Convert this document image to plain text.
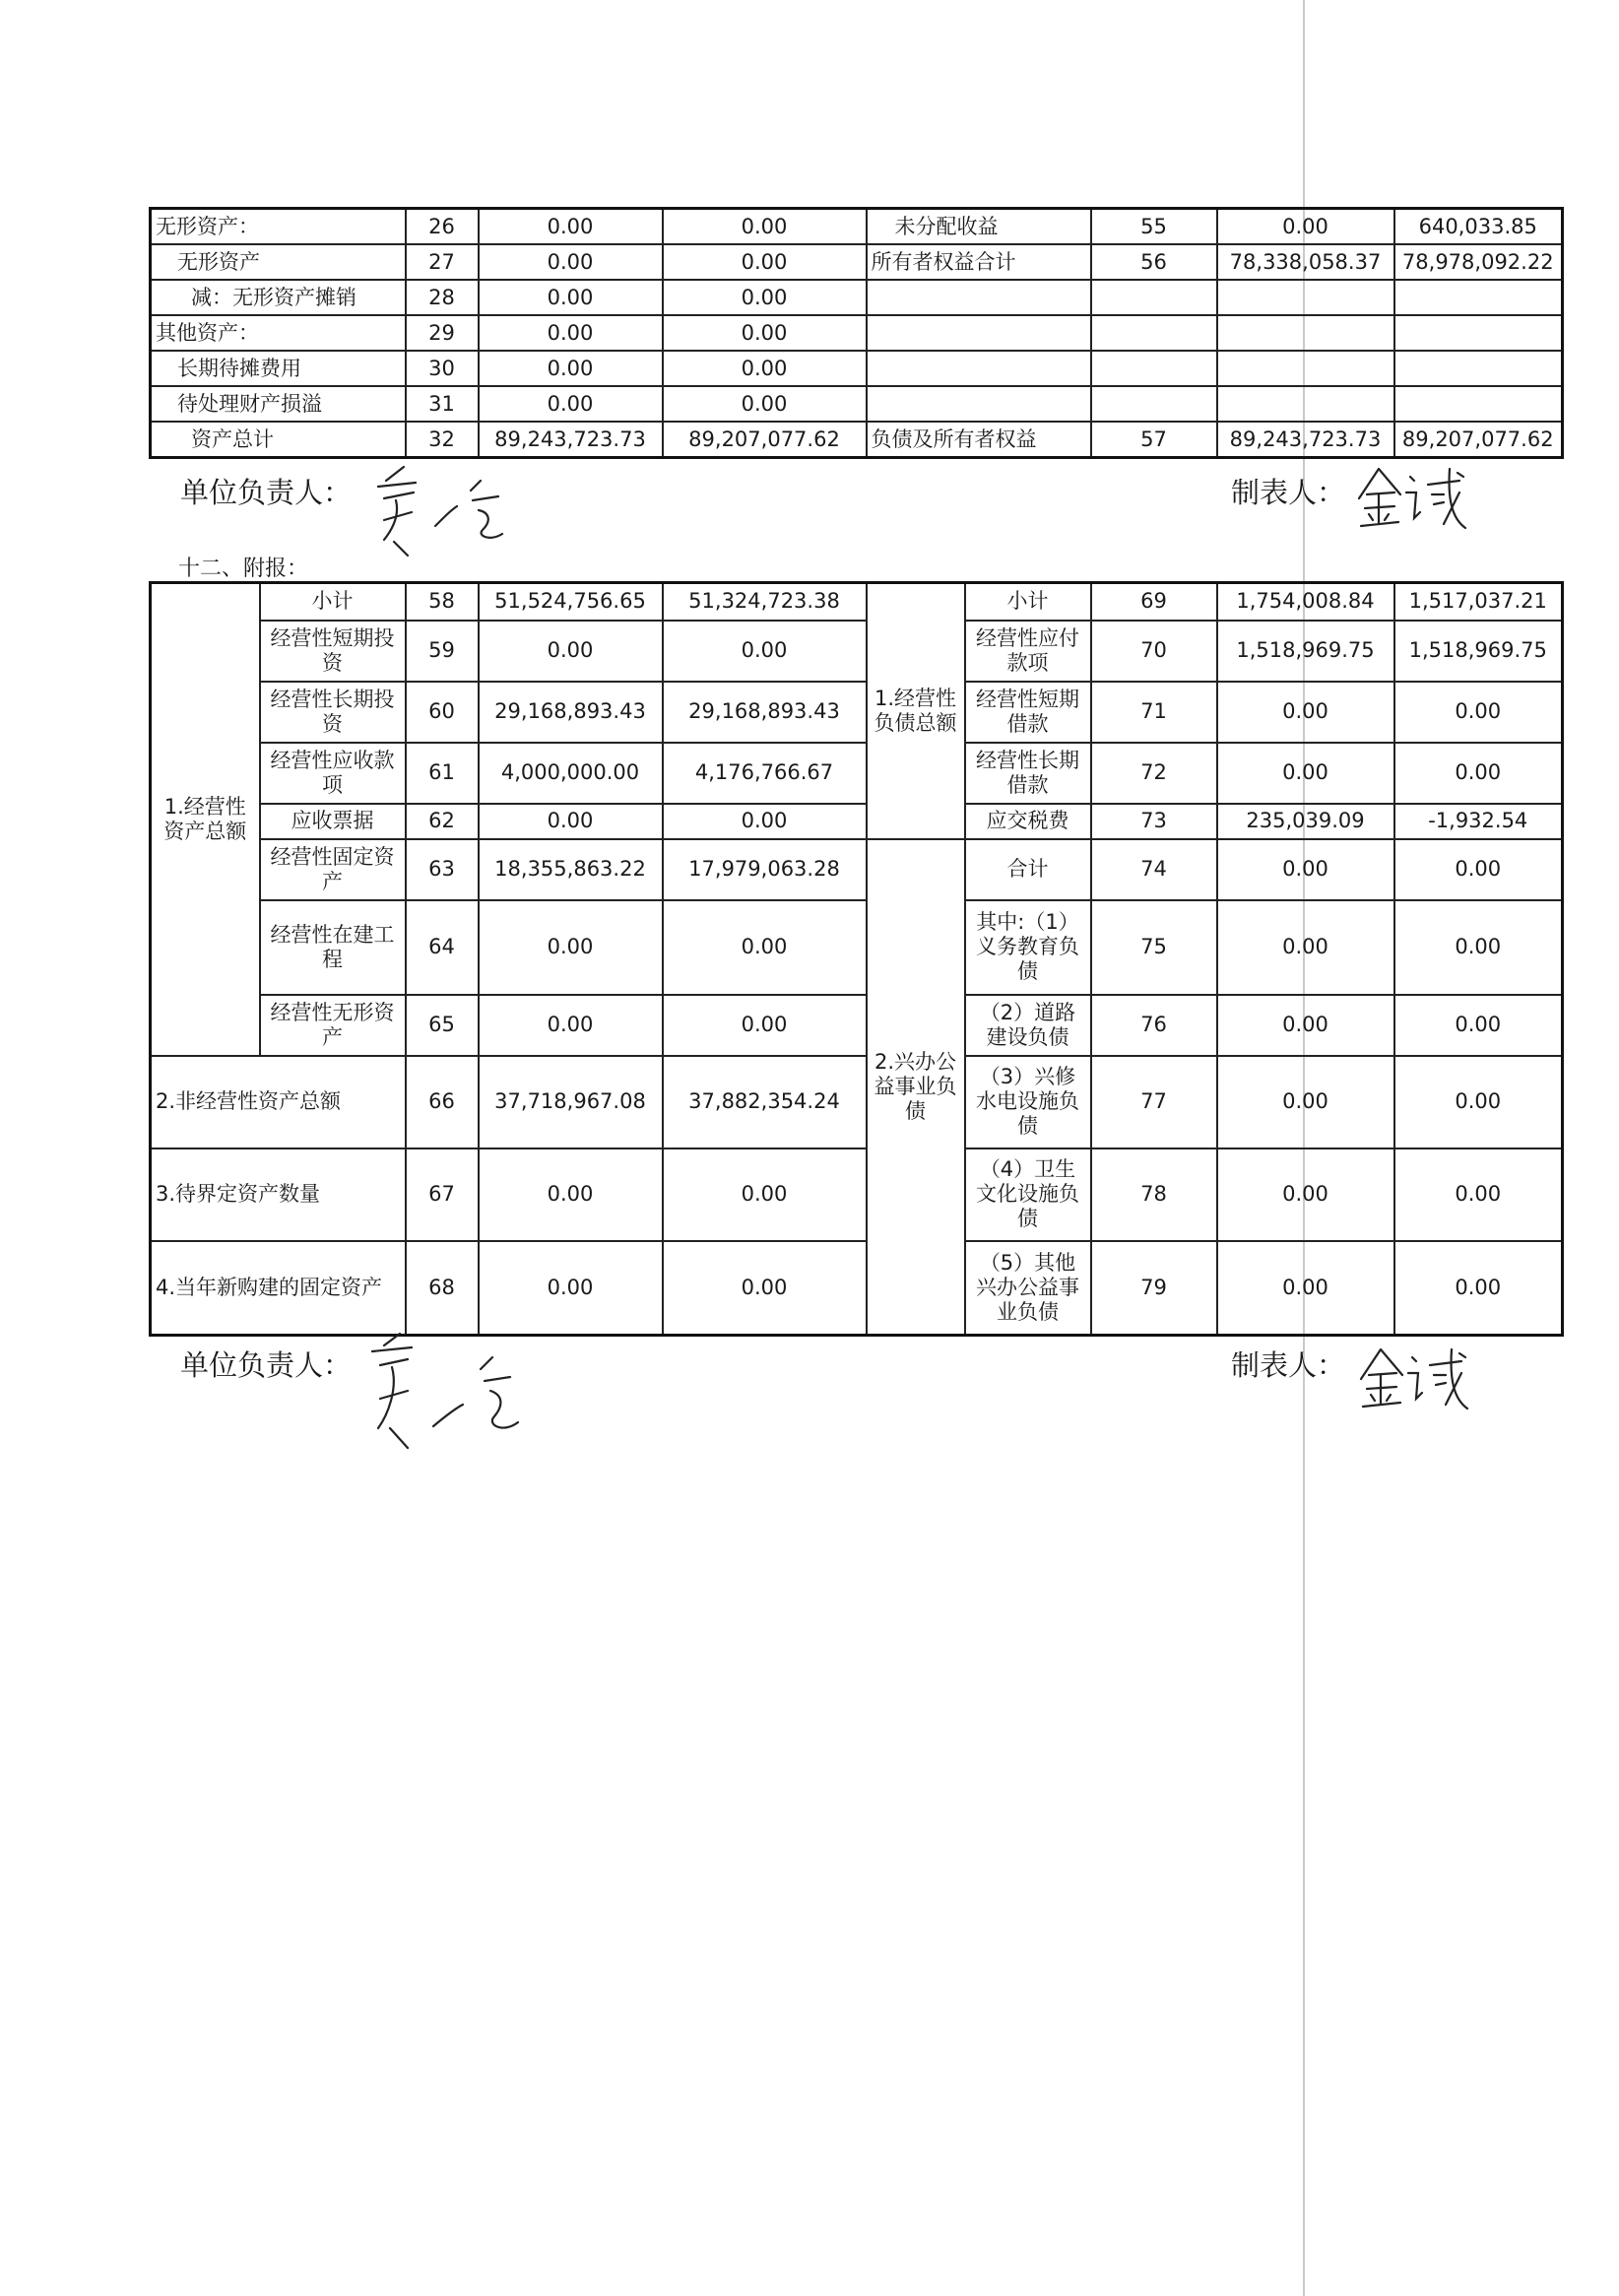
无形资产：	26	0.00	0.00	未分配收益	55	0.00	640,033.85
无形资产	27	0.00	0.00	所有者权益合计	56	78,338,058.37	78,978,092.22
减：无形资产摊销	28	0.00	0.00				
其他资产：	29	0.00	0.00				
长期待摊费用	30	0.00	0.00				
待处理财产损溢	31	0.00	0.00				
资产总计	32	89,243,723.73	89,207,077.62	负债及所有者权益	57	89,243,723.73	89,207,077.62
单位负责人：	制表人：
十二、附报：
1.经营性资产总额	小计	58	51,524,756.65	51,324,723.38	1.经营性负债总额	小计	69	1,754,008.84	1,517,037.21
	经营性短期投资	59	0.00	0.00		经营性应付款项	70	1,518,969.75	1,518,969.75
	经营性长期投资	60	29,168,893.43	29,168,893.43		经营性短期借款	71	0.00	0.00
	经营性应收款项	61	4,000,000.00	4,176,766.67		经营性长期借款	72	0.00	0.00
	应收票据	62	0.00	0.00		应交税费	73	235,039.09	-1,932.54
	经营性固定资产	63	18,355,863.22	17,979,063.28	2.兴办公益事业负债	合计	74	0.00	0.00
	经营性在建工程	64	0.00	0.00		其中:（1）义务教育负债	75	0.00	0.00
	经营性无形资产	65	0.00	0.00		（2）道路建设负债	76	0.00	0.00
2.非经营性资产总额		66	37,718,967.08	37,882,354.24		（3）兴修水电设施负债	77	0.00	0.00
3.待界定资产数量		67	0.00	0.00		（4）卫生文化设施负债	78	0.00	0.00
4.当年新购建的固定资产		68	0.00	0.00		（5）其他兴办公益事业负债	79	0.00	0.00
单位负责人：	制表人：
